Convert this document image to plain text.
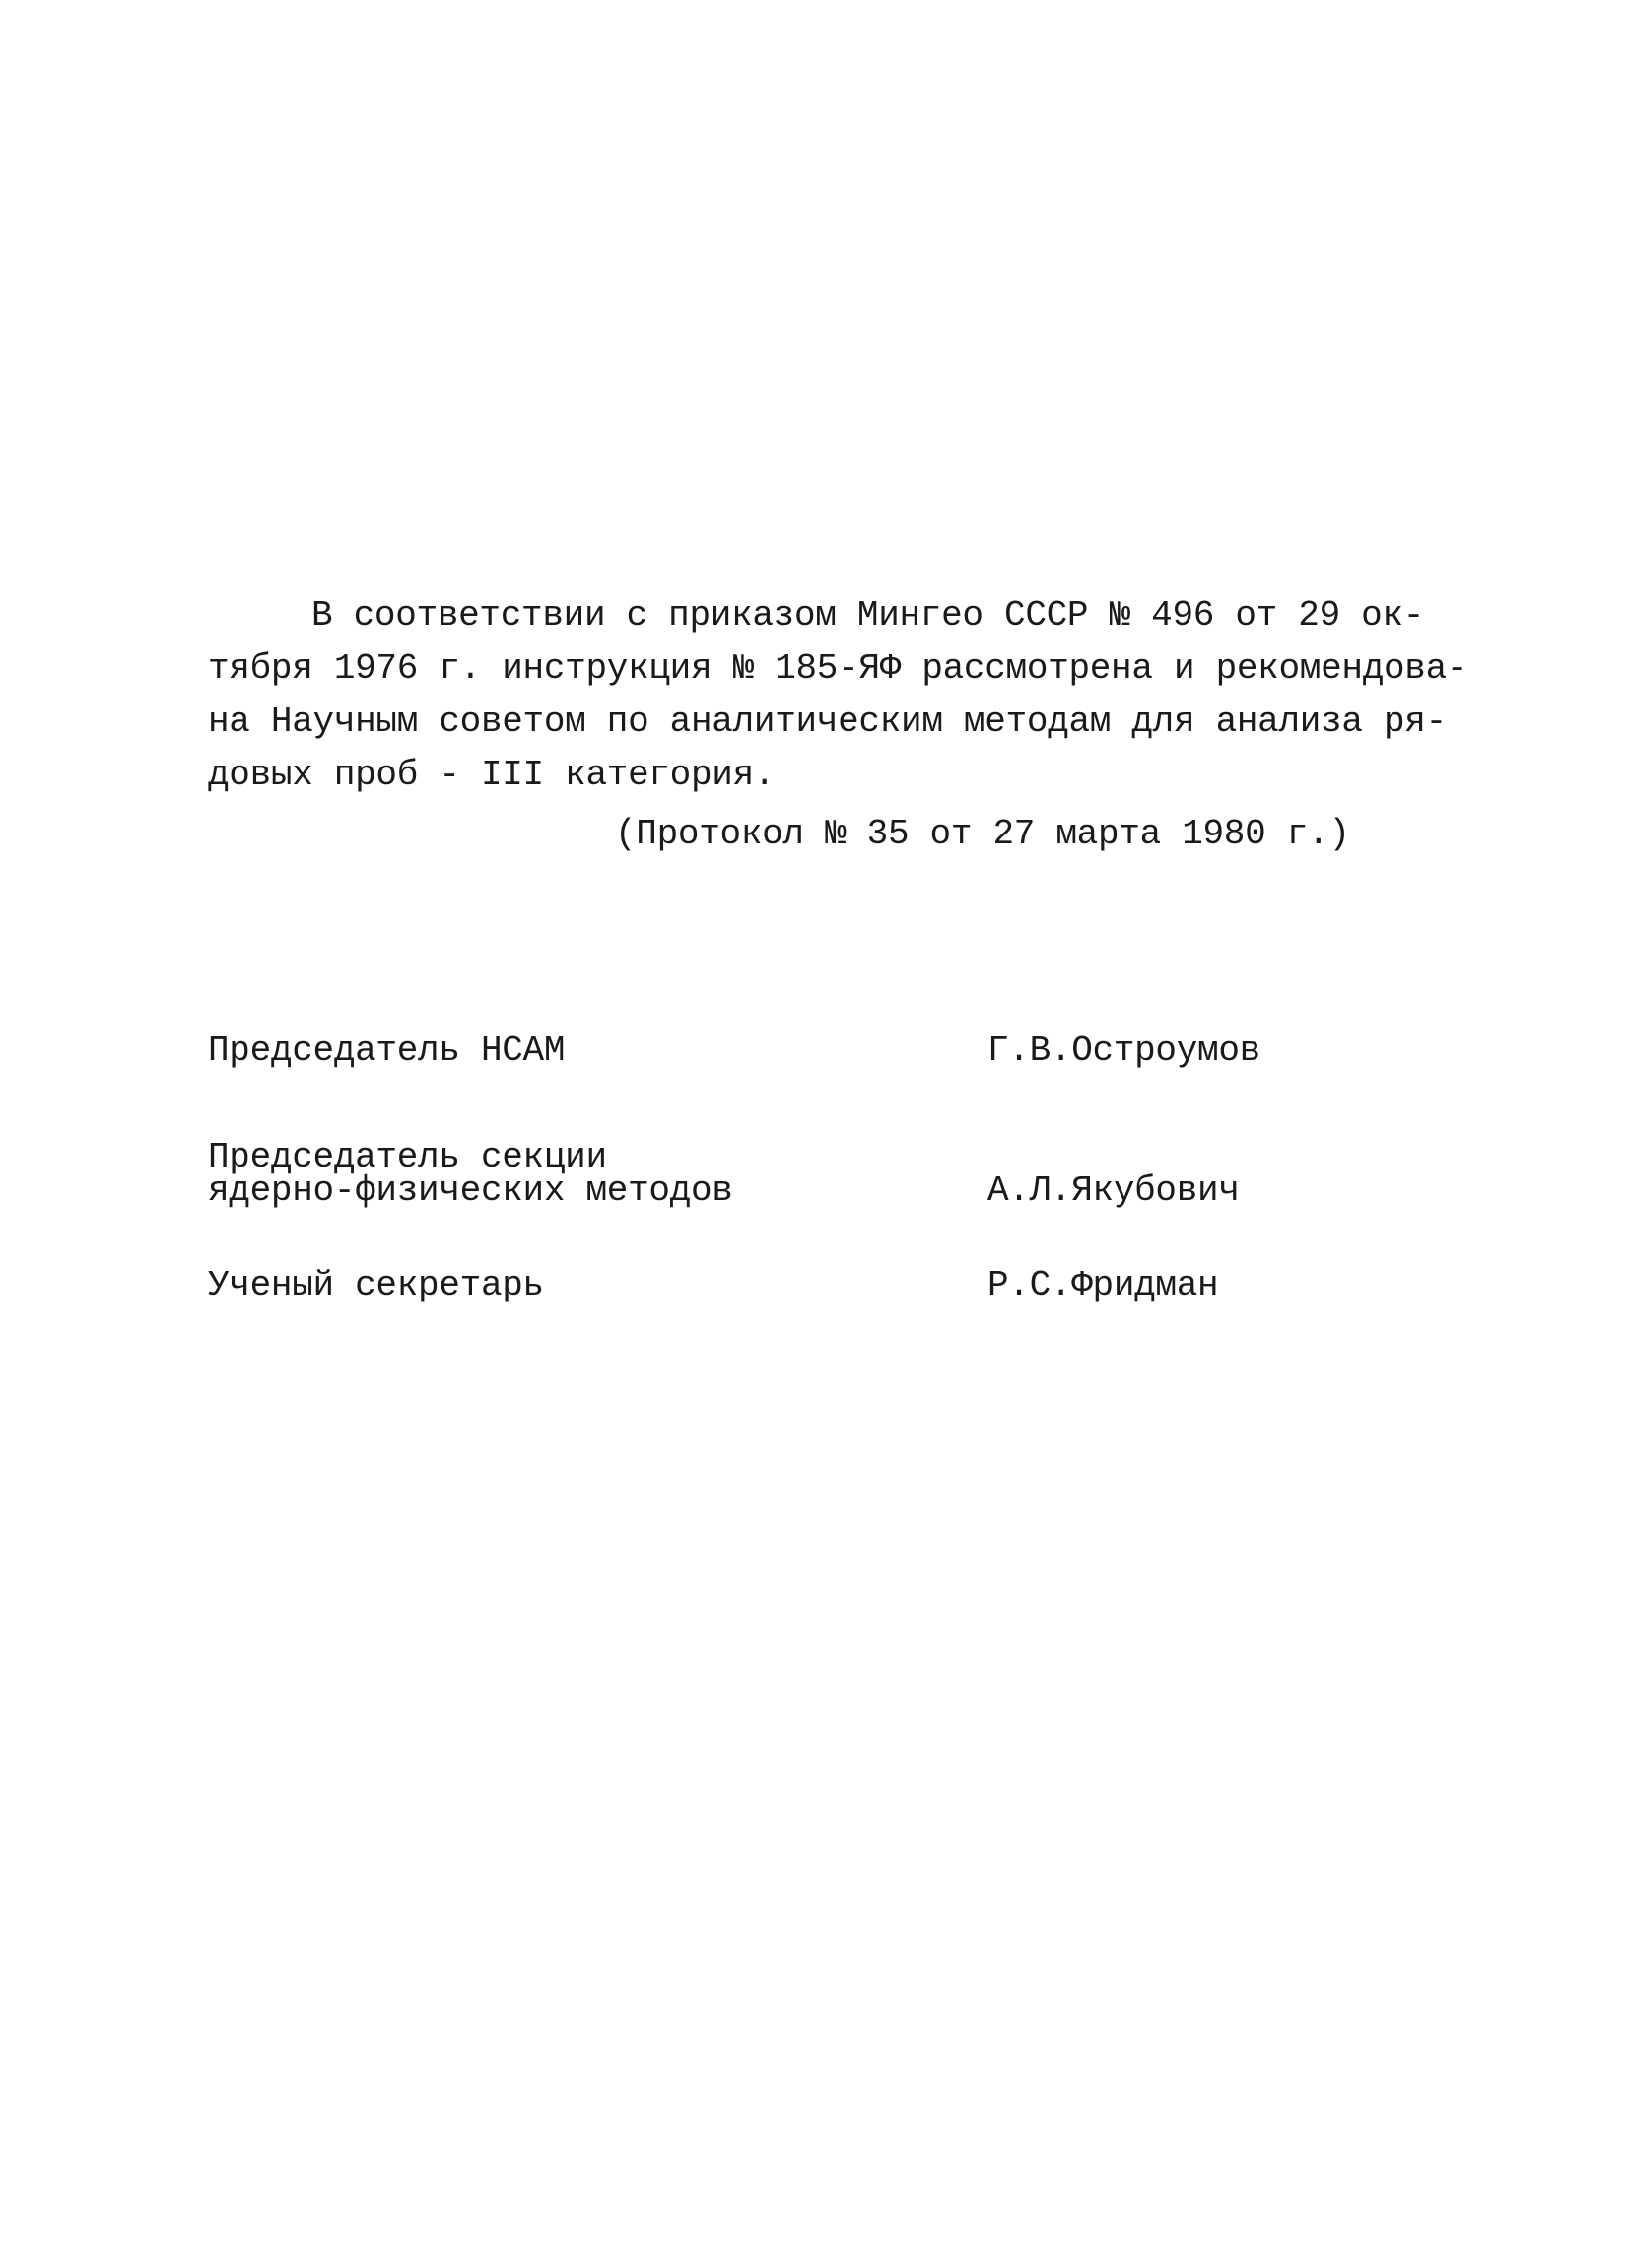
В соответствии с приказом Мингео СССР № 496 от 29 ок-
тября 1976 г. инструкция № 185-ЯФ рассмотрена и рекомендова-
на Научным советом по аналитическим методам для анализа ря-
довых проб - III категория.
(Протокол № 35 от 27 марта 1980 г.)
Председатель НСАМ	Г.В.Остроумов
Председатель секции
ядерно-физических методов	А.Л.Якубович
Ученый секретарь	Р.С.Фридман
